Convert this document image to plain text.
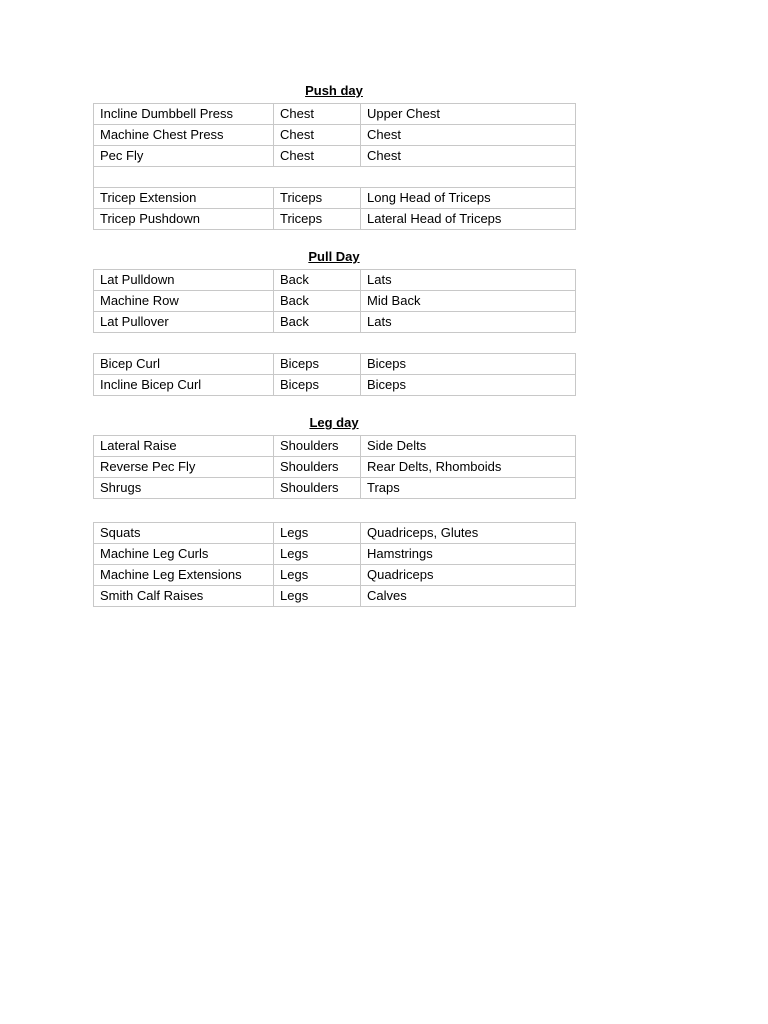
Push day
Incline Dumbbell Press	Chest	Upper Chest
Machine Chest Press	Chest	Chest
Pec Fly	Chest	Chest

Tricep Extension	Triceps	Long Head of Triceps
Tricep Pushdown	Triceps	Lateral Head of Triceps
Pull Day
Lat Pulldown	Back	Lats
Machine Row	Back	Mid Back
Lat Pullover	Back	Lats
Bicep Curl	Biceps	Biceps
Incline Bicep Curl	Biceps	Biceps
Leg day
Lateral Raise	Shoulders	Side Delts
Reverse Pec Fly	Shoulders	Rear Delts, Rhomboids
Shrugs	Shoulders	Traps
Squats	Legs	Quadriceps, Glutes
Machine Leg Curls	Legs	Hamstrings
Machine Leg Extensions	Legs	Quadriceps
Smith Calf Raises	Legs	Calves
